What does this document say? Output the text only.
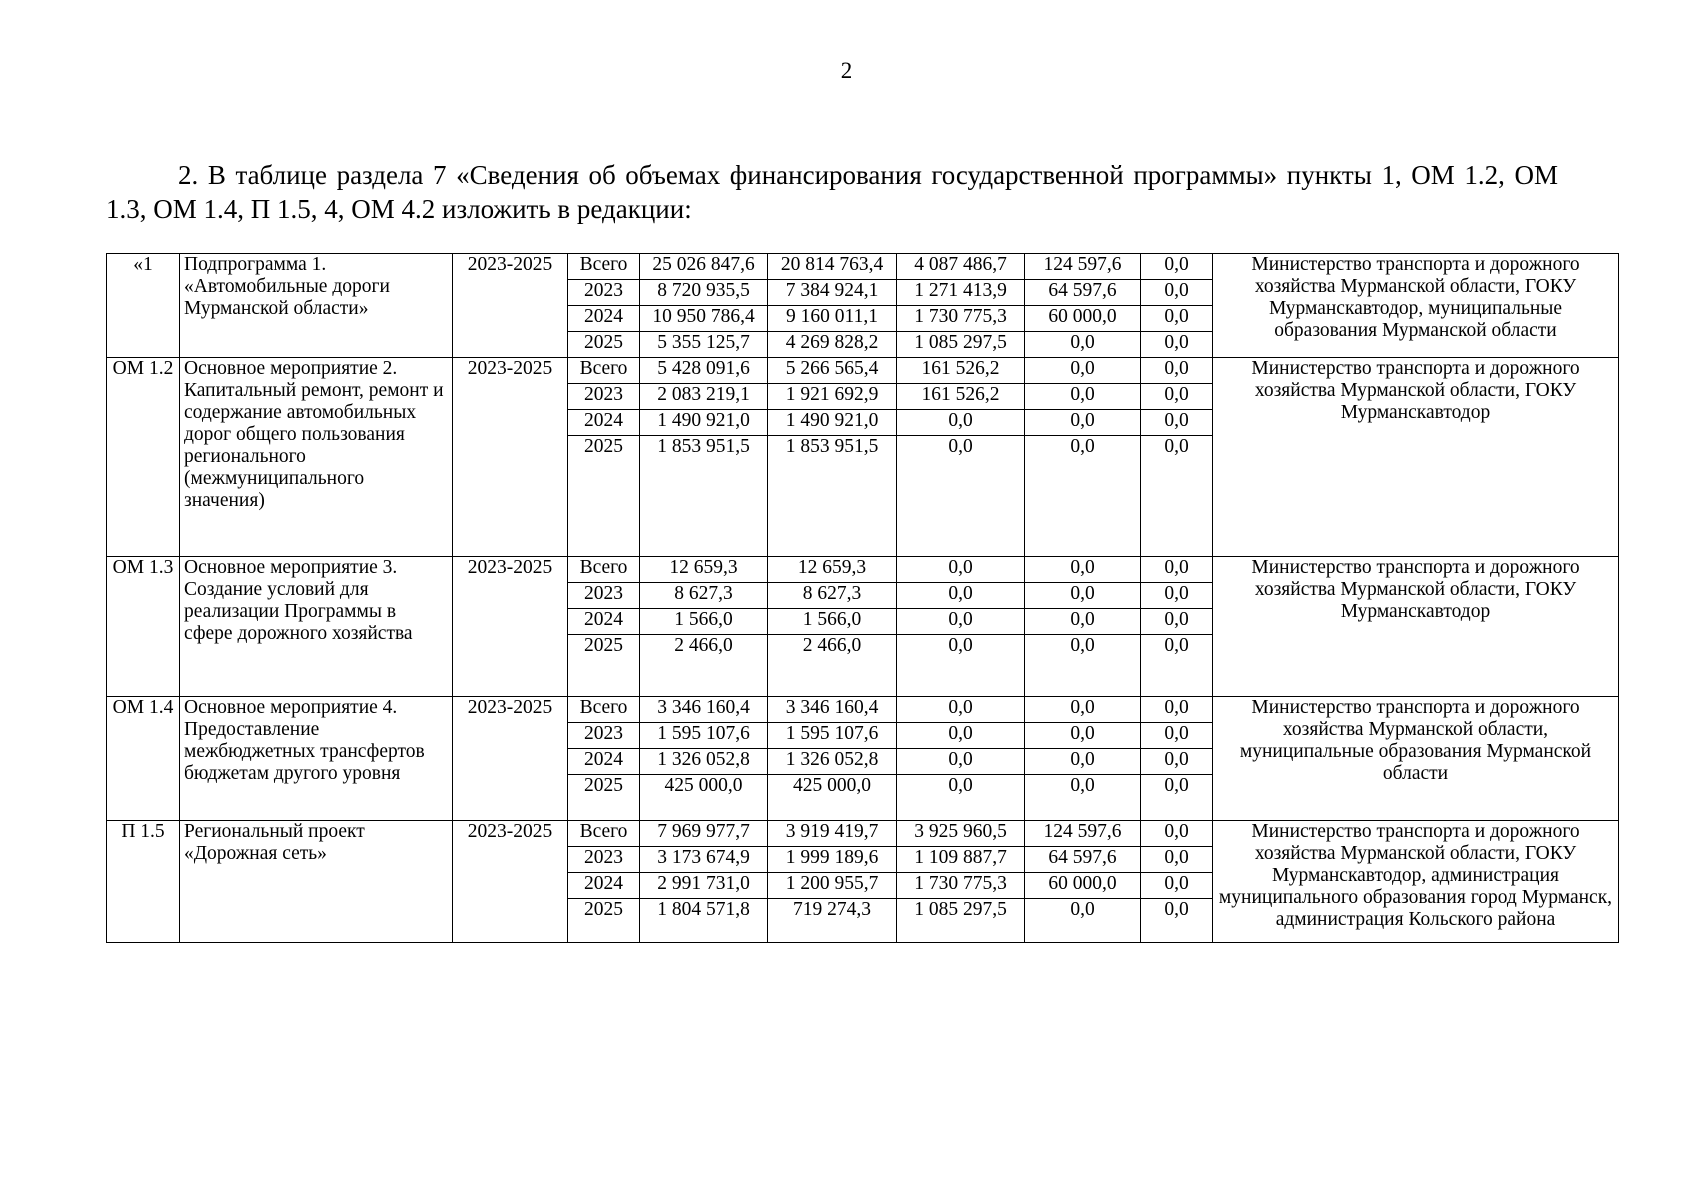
2

2. В таблице раздела 7 «Сведения об объемах финансирования государственной программы» пункты 1, ОМ 1.2, ОМ 1.3, ОМ 1.4, П 1.5, 4, ОМ 4.2 изложить в редакции:

«1	Подпрограмма 1. «Автомобильные дороги Мурманской области»	2023-2025	Всего	25 026 847,6	20 814 763,4	4 087 486,7	124 597,6	0,0	Министерство транспорта и дорожного хозяйства Мурманской области, ГОКУ Мурманскавтодор, муниципальные образования Мурманской области
			2023	8 720 935,5	7 384 924,1	1 271 413,9	64 597,6	0,0	
			2024	10 950 786,4	9 160 011,1	1 730 775,3	60 000,0	0,0	
			2025	5 355 125,7	4 269 828,2	1 085 297,5	0,0	0,0	
ОМ 1.2	Основное мероприятие 2. Капитальный ремонт, ремонт и содержание автомобильных дорог общего пользования регионального (межмуниципального значения)	2023-2025	Всего	5 428 091,6	5 266 565,4	161 526,2	0,0	0,0	Министерство транспорта и дорожного хозяйства Мурманской области, ГОКУ Мурманскавтодор
			2023	2 083 219,1	1 921 692,9	161 526,2	0,0	0,0	
			2024	1 490 921,0	1 490 921,0	0,0	0,0	0,0	
			2025	1 853 951,5	1 853 951,5	0,0	0,0	0,0	
ОМ 1.3	Основное мероприятие 3. Создание условий для реализации Программы в сфере дорожного хозяйства	2023-2025	Всего	12 659,3	12 659,3	0,0	0,0	0,0	Министерство транспорта и дорожного хозяйства Мурманской области, ГОКУ Мурманскавтодор
			2023	8 627,3	8 627,3	0,0	0,0	0,0	
			2024	1 566,0	1 566,0	0,0	0,0	0,0	
			2025	2 466,0	2 466,0	0,0	0,0	0,0	
ОМ 1.4	Основное мероприятие 4. Предоставление межбюджетных трансфертов бюджетам другого уровня	2023-2025	Всего	3 346 160,4	3 346 160,4	0,0	0,0	0,0	Министерство транспорта и дорожного хозяйства Мурманской области, муниципальные образования Мурманской области
			2023	1 595 107,6	1 595 107,6	0,0	0,0	0,0	
			2024	1 326 052,8	1 326 052,8	0,0	0,0	0,0	
			2025	425 000,0	425 000,0	0,0	0,0	0,0	
П 1.5	Региональный проект «Дорожная сеть»	2023-2025	Всего	7 969 977,7	3 919 419,7	3 925 960,5	124 597,6	0,0	Министерство транспорта и дорожного хозяйства Мурманской области, ГОКУ Мурманскавтодор, администрация муниципального образования город Мурманск, администрация Кольского района
			2023	3 173 674,9	1 999 189,6	1 109 887,7	64 597,6	0,0	
			2024	2 991 731,0	1 200 955,7	1 730 775,3	60 000,0	0,0	
			2025	1 804 571,8	719 274,3	1 085 297,5	0,0	0,0	
